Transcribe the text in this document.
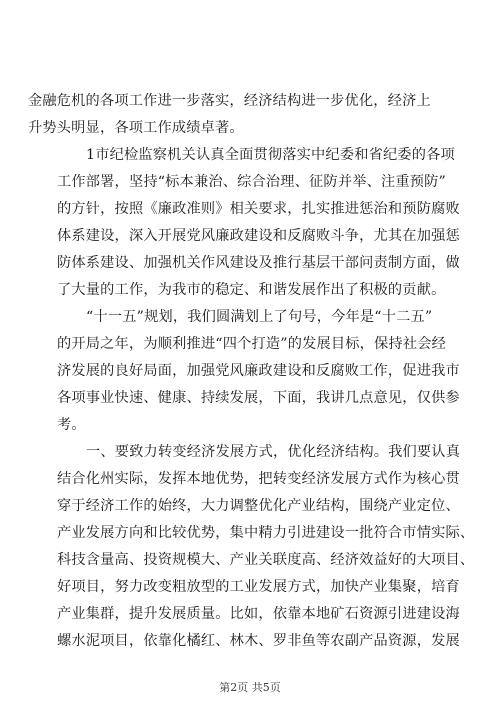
金融危机的各项工作进一步落实，经济结构进一步优化，经济上
升势头明显，各项工作成绩卓著。
1市纪检监察机关认真全面贯彻落实中纪委和省纪委的各项
工作部署，坚持“标本兼治、综合治理、征防并举、注重预防”
的方针，按照《廉政准则》相关要求，扎实推进惩治和预防腐败
体系建设，深入开展党风廉政建设和反腐败斗争，尤其在加强惩
防体系建设、加强机关作风建设及推行基层干部问责制方面，做
了大量的工作，为我市的稳定、和谐发展作出了积极的贡献。
“十一五”规划，我们圆满划上了句号，今年是“十二五”
的开局之年，为顺利推进“四个打造”的发展目标，保持社会经
济发展的良好局面，加强党风廉政建设和反腐败工作，促进我市
各项事业快速、健康、持续发展，下面，我讲几点意见，仅供参
考。
一、要致力转变经济发展方式，优化经济结构。我们要认真
结合化州实际，发挥本地优势，把转变经济发展方式作为核心贯
穿于经济工作的始终，大力调整优化产业结构，围绕产业定位、
产业发展方向和比较优势，集中精力引进建设一批符合市情实际、
科技含量高、投资规模大、产业关联度高、经济效益好的大项目、
好项目，努力改变粗放型的工业发展方式，加快产业集聚，培育
产业集群，提升发展质量。比如，依靠本地矿石资源引进建设海
螺水泥项目，依靠化橘红、林木、罗非鱼等农副产品资源，发展
第2页 共5页
